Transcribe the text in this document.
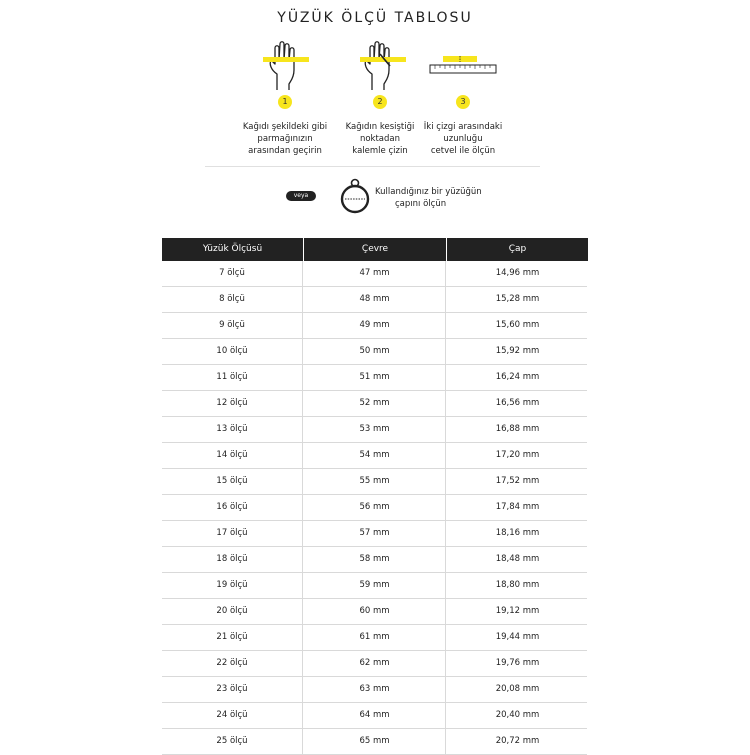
YÜZÜK ÖLÇÜ TABLOSU
1
Kağıdı şekildeki gibi
parmağınızın
arasından geçirin
2
Kağıdın kesiştiği
noktadan
kalemle çizin
3
İki çizgi arasındaki
uzunluğu
cetvel ile ölçün
veya	Kullandığınız bir yüzüğün
çapını ölçün
Yüzük Ölçüsü	Çevre	Çap
7 ölçü	47 mm	14,96 mm
8 ölçü	48 mm	15,28 mm
9 ölçü	49 mm	15,60 mm
10 ölçü	50 mm	15,92 mm
11 ölçü	51 mm	16,24 mm
12 ölçü	52 mm	16,56 mm
13 ölçü	53 mm	16,88 mm
14 ölçü	54 mm	17,20 mm
15 ölçü	55 mm	17,52 mm
16 ölçü	56 mm	17,84 mm
17 ölçü	57 mm	18,16 mm
18 ölçü	58 mm	18,48 mm
19 ölçü	59 mm	18,80 mm
20 ölçü	60 mm	19,12 mm
21 ölçü	61 mm	19,44 mm
22 ölçü	62 mm	19,76 mm
23 ölçü	63 mm	20,08 mm
24 ölçü	64 mm	20,40 mm
25 ölçü	65 mm	20,72 mm
